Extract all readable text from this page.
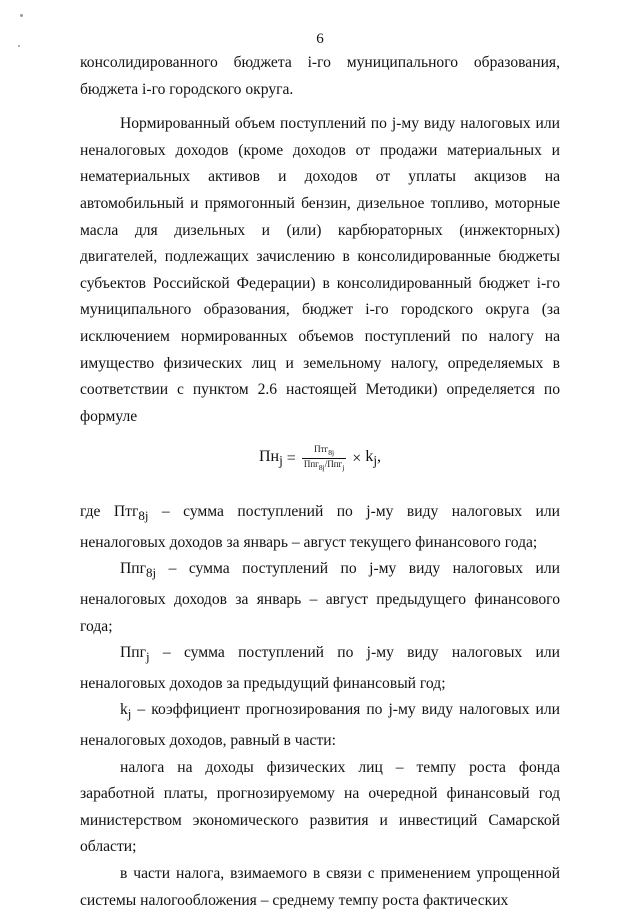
6

консолидированного бюджета i-го муниципального образования, бюджета i-го городского округа.

Нормированный объем поступлений по j-му виду налоговых или неналоговых доходов (кроме доходов от продажи материальных и нематериальных активов и доходов от уплаты акцизов на автомобильный и прямогонный бензин, дизельное топливо, моторные масла для дизельных и (или) карбюраторных (инжекторных) двигателей, подлежащих зачислению в консолидированные бюджеты субъектов Российской Федерации) в консолидированный бюджет i-го муниципального образования, бюджет i-го городского округа (за исключением нормированных объемов поступлений по налогу на имущество физических лиц и земельному налогу, определяемых в соответствии с пунктом 2.6 настоящей Методики) определяется по формуле

$Пн_j = \frac{Птг_{8j}}{Ппг_{8j}/Ппг_j} \times k_j$,

где Птг$_{8j}$ – сумма поступлений по j-му виду налоговых или неналоговых доходов за январь – август текущего финансового года;

Ппг$_{8j}$ – сумма поступлений по j-му виду налоговых или неналоговых доходов за январь – август предыдущего финансового года;

Ппг$_j$ – сумма поступлений по j-му виду налоговых или неналоговых доходов за предыдущий финансовый год;

$k_j$ – коэффициент прогнозирования по j-му виду налоговых или неналоговых доходов, равный в части:

налога на доходы физических лиц – темпу роста фонда заработной платы, прогнозируемому на очередной финансовый год министерством экономического развития и инвестиций Самарской области;

в части налога, взимаемого в связи с применением упрощенной системы налогообложения – среднему темпу роста фактических
